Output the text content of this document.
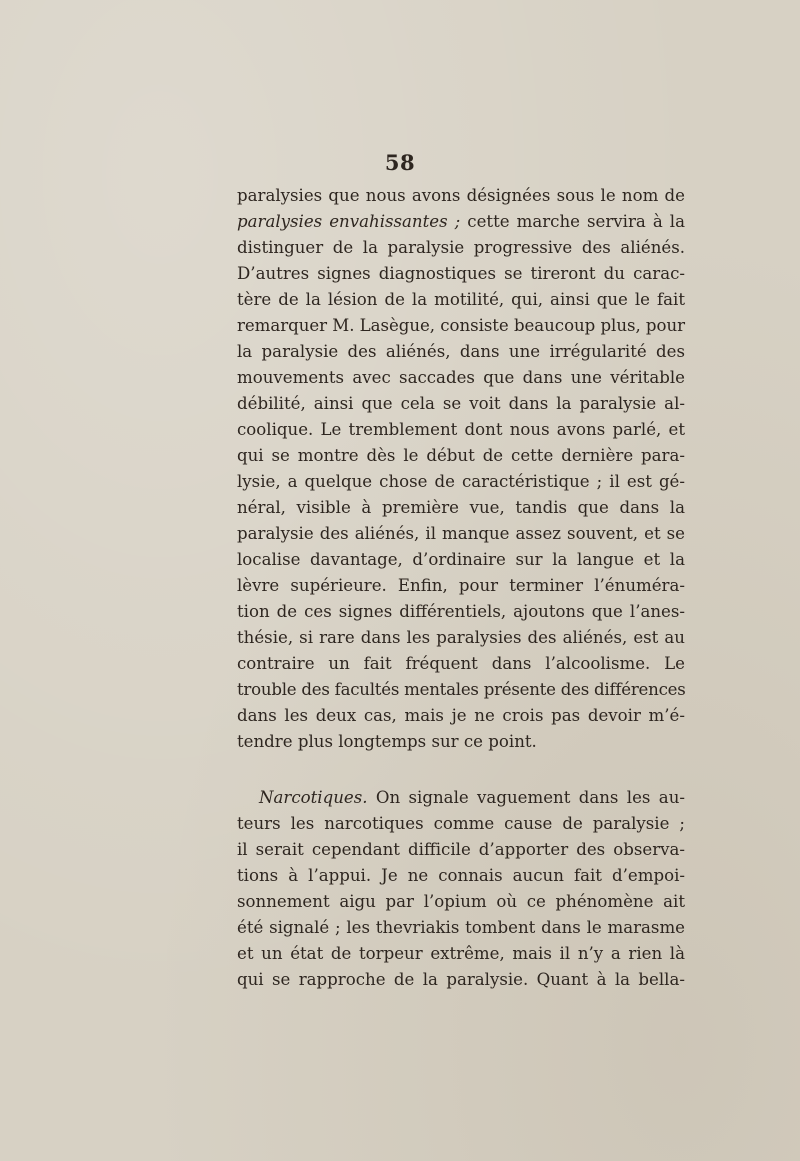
58
paralysies que nous avons désignées sous le nom de
paralysies envahissantes ; cette marche servira à la
distinguer de la paralysie progressive des aliénés.
D’autres signes diagnostiques se tireront du carac-
tère de la lésion de la motilité, qui, ainsi que le fait
remarquer M. Lasègue, consiste beaucoup plus, pour
la paralysie des aliénés, dans une irrégularité des
mouvements avec saccades que dans une véritable
débilité, ainsi que cela se voit dans la paralysie al-
coolique. Le tremblement dont nous avons parlé, et
qui se montre dès le début de cette dernière para-
lysie, a quelque chose de caractéristique ; il est gé-
néral, visible à première vue, tandis que dans la
paralysie des aliénés, il manque assez souvent, et se
localise davantage, d’ordinaire sur la langue et la
lèvre supérieure. Enfin, pour terminer l’énuméra-
tion de ces signes différentiels, ajoutons que l’anes-
thésie, si rare dans les paralysies des aliénés, est au
contraire un fait fréquent dans l’alcoolisme. Le
trouble des facultés mentales présente des différences
dans les deux cas, mais je ne crois pas devoir m’é-
tendre plus longtemps sur ce point.
Narcotiques. On signale vaguement dans les au-
teurs les narcotiques comme cause de paralysie ;
il serait cependant difficile d’apporter des observa-
tions à l’appui. Je ne connais aucun fait d’empoi-
sonnement aigu par l’opium où ce phénomène ait
été signalé ; les thevriakis tombent dans le marasme
et un état de torpeur extrême, mais il n’y a rien là
qui se rapproche de la paralysie. Quant à la bella-
